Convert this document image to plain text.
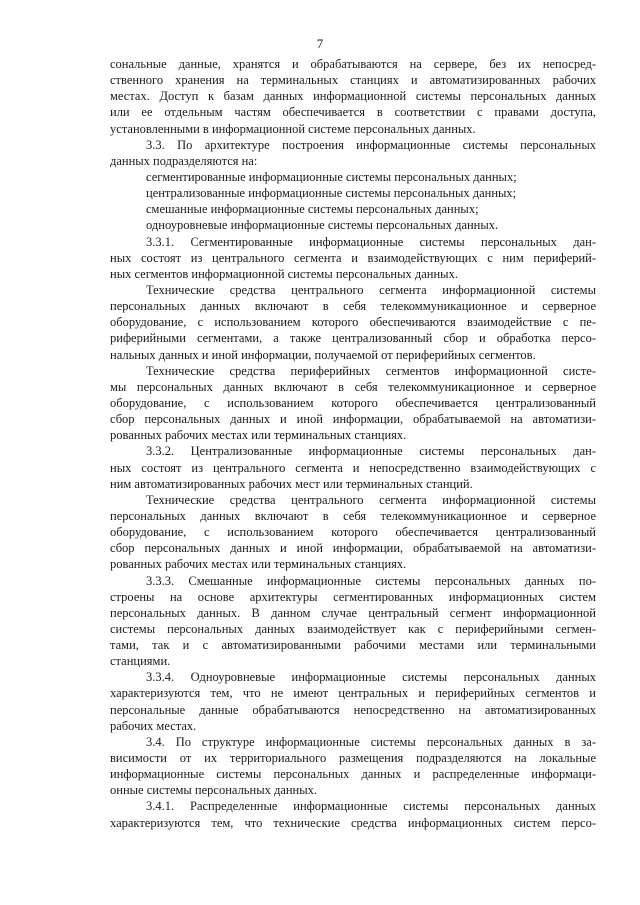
7
сональные данные, хранятся и обрабатываются на сервере, без их непосред-
ственного хранения на терминальных станциях и автоматизированных рабочих
местах. Доступ к базам данных информационной системы персональных данных
или ее отдельным частям обеспечивается в соответствии с правами доступа,
установленными в информационной системе персональных данных.
3.3. По архитектуре построения информационные системы персональных
данных подразделяются на:
сегментированные информационные системы персональных данных;
централизованные информационные системы персональных данных;
смешанные информационные системы персональных данных;
одноуровневые информационные системы персональных данных.
3.3.1. Сегментированные информационные системы персональных дан-
ных состоят из центрального сегмента и взаимодействующих с ним периферий-
ных сегментов информационной системы персональных данных.
Технические средства центрального сегмента информационной системы
персональных данных включают в себя телекоммуникационное и серверное
оборудование, с использованием которого обеспечиваются взаимодействие с пе-
риферийными сегментами, а также централизованный сбор и обработка персо-
нальных данных и иной информации, получаемой от периферийных сегментов.
Технические средства периферийных сегментов информационной систе-
мы персональных данных включают в себя телекоммуникационное и серверное
оборудование, с использованием которого обеспечивается централизованный
сбор персональных данных и иной информации, обрабатываемой на автоматизи-
рованных рабочих местах или терминальных станциях.
3.3.2. Централизованные информационные системы персональных дан-
ных состоят из центрального сегмента и непосредственно взаимодействующих с
ним автоматизированных рабочих мест или терминальных станций.
Технические средства центрального сегмента информационной системы
персональных данных включают в себя телекоммуникационное и серверное
оборудование, с использованием которого обеспечивается централизованный
сбор персональных данных и иной информации, обрабатываемой на автоматизи-
рованных рабочих местах или терминальных станциях.
3.3.3. Смешанные информационные системы персональных данных по-
строены на основе архитектуры сегментированных информационных систем
персональных данных. В данном случае центральный сегмент информационной
системы персональных данных взаимодействует как с периферийными сегмен-
тами, так и с автоматизированными рабочими местами или терминальными
станциями.
3.3.4. Одноуровневые информационные системы персональных данных
характеризуются тем, что не имеют центральных и периферийных сегментов и
персональные данные обрабатываются непосредственно на автоматизированных
рабочих местах.
3.4. По структуре информационные системы персональных данных в за-
висимости от их территориального размещения подразделяются на локальные
информационные системы персональных данных и распределенные информаци-
онные системы персональных данных.
3.4.1. Распределенные информационные системы персональных данных
характеризуются тем, что технические средства информационных систем персо-
